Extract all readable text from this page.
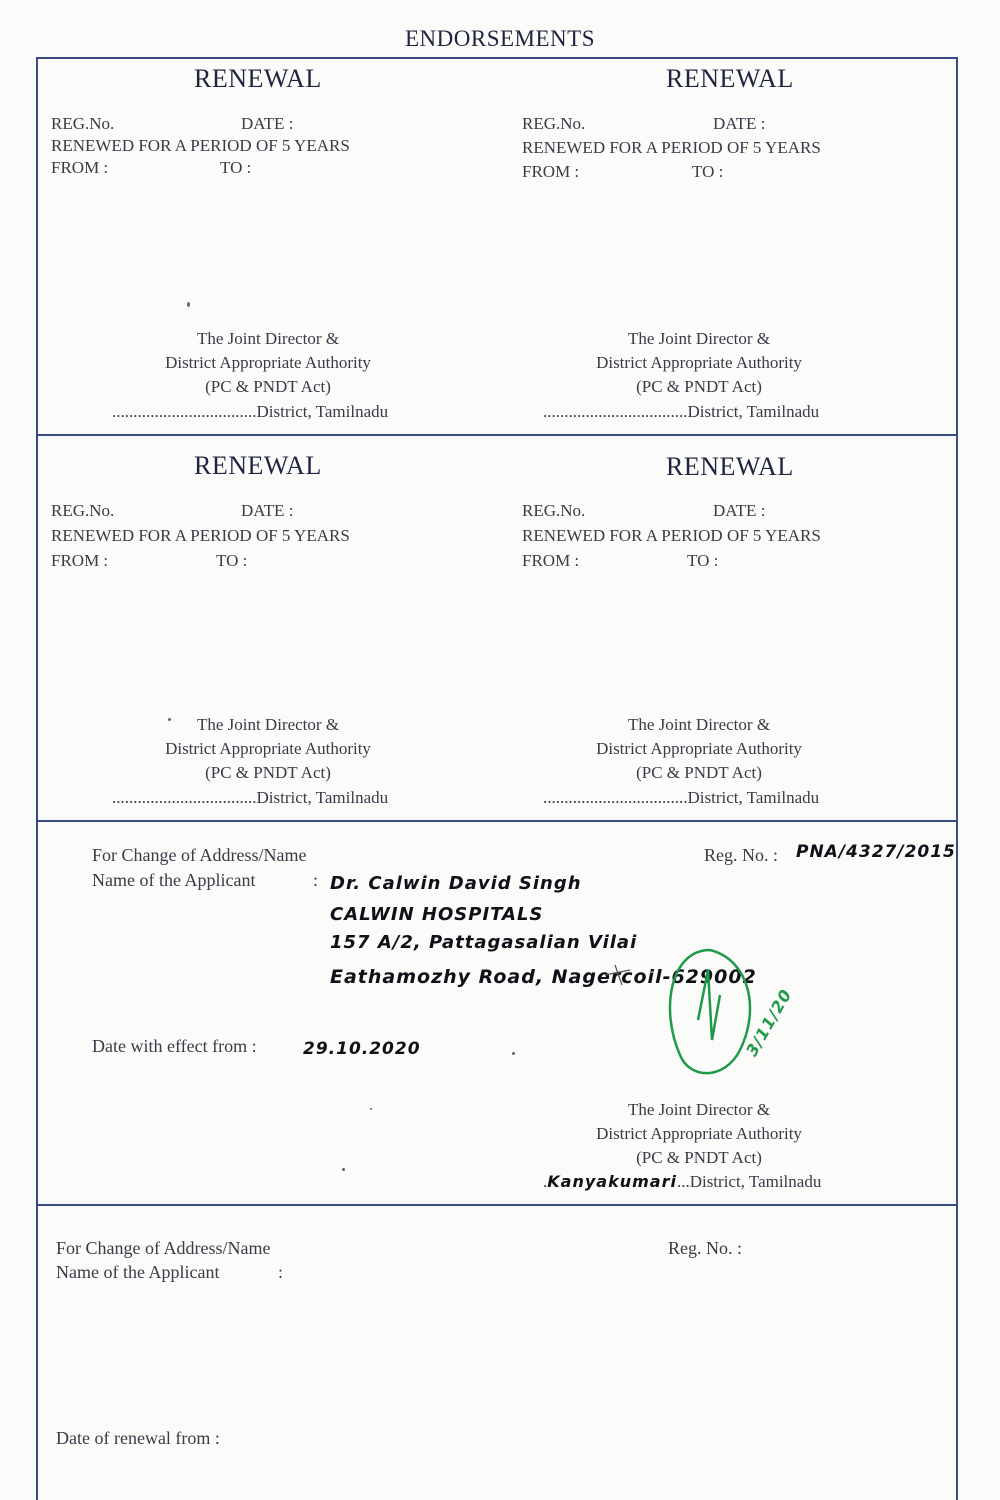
ENDORSEMENTS
RENEWAL
REG.No.	DATE :
RENEWED FOR A PERIOD OF 5 YEARS
FROM :	TO :
The Joint Director &
District Appropriate Authority
(PC & PNDT Act)
..................................District, Tamilnadu
RENEWAL
REG.No.	DATE :
RENEWED FOR A PERIOD OF 5 YEARS
FROM :	TO :
The Joint Director &
District Appropriate Authority
(PC & PNDT Act)
..................................District, Tamilnadu
RENEWAL
REG.No.	DATE :
RENEWED FOR A PERIOD OF 5 YEARS
FROM :	TO :
The Joint Director &
District Appropriate Authority
(PC & PNDT Act)
..................................District, Tamilnadu
RENEWAL
REG.No.	DATE :
RENEWED FOR A PERIOD OF 5 YEARS
FROM :	TO :
The Joint Director &
District Appropriate Authority
(PC & PNDT Act)
..................................District, Tamilnadu
For Change of Address/Name
Name of the Applicant	:
Reg. No. : PNA/4327/2015
Dr. Calwin David Singh
CALWIN HOSPITALS
157 A/2, Pattagasalian Vilai
Eathamozhy Road, Nagercoil-629002
Date with effect from :	29.10.2020	3/11/20
The Joint Director &
District Appropriate Authority
(PC & PNDT Act)
.Kanyakumari...District, Tamilnadu
For Change of Address/Name
Name of the Applicant	:
Reg. No. :
Date of renewal from :
